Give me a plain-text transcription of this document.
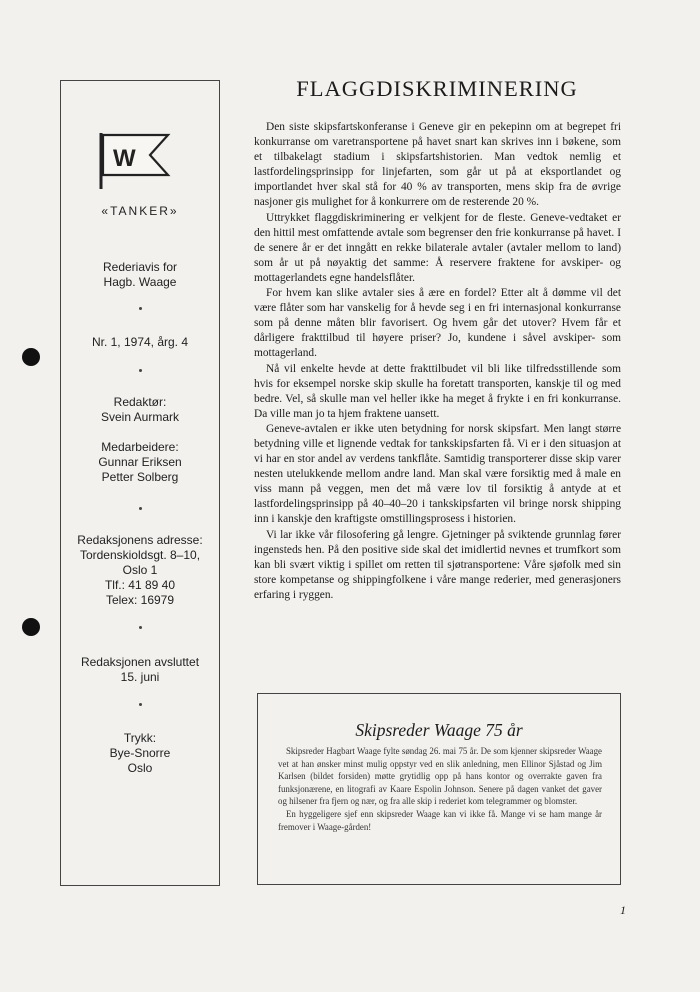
W
«TANKER»
Rederiavis for
Hagb. Waage
Nr. 1, 1974, årg. 4
Redaktør:
Svein Aurmark
Medarbeidere:
Gunnar Eriksen
Petter Solberg
Redaksjonens adresse:
Tordenskioldsgt. 8–10,
Oslo 1
Tlf.: 41 89 40
Telex: 16979
Redaksjonen avsluttet
15. juni
Trykk:
Bye-Snorre
Oslo
FLAGGDISKRIMINERING

Den siste skipsfartskonferanse i Geneve gir en pekepinn om at begrepet fri konkurranse om varetransportene på havet snart kan skrives inn i bøkene, som et tilbakelagt stadium i skipsfartshistorien. Man vedtok nemlig et lastfordelingsprinsipp for linjefarten, som går ut på at eksportlandet og importlandet hver skal stå for 40 % av transporten, mens skip fra de øvrige nasjoner gis mulighet for å konkurrere om de resterende 20 %.

Uttrykket flaggdiskriminering er velkjent for de fleste. Geneve-vedtaket er den hittil mest omfattende avtale som begrenser den frie konkurranse på havet. I de senere år er det inngått en rekke bilaterale avtaler (avtaler mellom to land) som år ut på nøyaktig det samme: Å reservere fraktene for avskiper- og mottagerlandets egne handelsflåter.

For hvem kan slike avtaler sies å ære en fordel? Etter alt å dømme vil det være flåter som har vanskelig for å hevde seg i en fri internasjonal konkurranse som på denne måten blir favorisert. Og hvem går det utover? Hvem får et dårligere frakttilbud til høyere priser? Jo, kundene i såvel avskiper- som mottagerland.

Nå vil enkelte hevde at dette frakttilbudet vil bli like tilfredsstillende som hvis for eksempel norske skip skulle ha foretatt transporten, kanskje til og med bedre. Vel, så skulle man vel heller ikke ha meget å frykte i en fri konkurranse. Da ville man jo ta hjem fraktene uansett.

Geneve-avtalen er ikke uten betydning for norsk skipsfart. Men langt større betydning ville et lignende vedtak for tankskipsfarten få. Vi er i den situasjon at vi har en stor andel av verdens tankflåte. Samtidig transporterer disse skip varer nesten utelukkende mellom andre land. Man skal være forsiktig med å male en viss mann på veggen, men det må være lov til forsiktig å antyde at et lastfordelingsprinsipp på 40–40–20 i tankskipsfarten vil bringe norsk shipping inn i kanskje den kraftigste omstillingsprosess i historien.

Vi lar ikke vår filosofering gå lengre. Gjetninger på sviktende grunnlag fører ingensteds hen. På den positive side skal det imidlertid nevnes et trumfkort som kan bli svært viktig i spillet om retten til sjøtransportene: Våre sjøfolk med sin store kompetanse og shippingfolkene i våre mange rederier, med generasjoners erfaring i ryggen.

Skipsreder Waage 75 år

Skipsreder Hagbart Waage fylte søndag 26. mai 75 år. De som kjenner skipsreder Waage vet at han ønsker minst mulig oppstyr ved en slik anledning, men Ellinor Sjåstad og Jim Karlsen (bildet forsiden) møtte grytidlig opp på hans kontor og overrakte gaven fra funksjonærene, en litografi av Kaare Espolin Johnson. Senere på dagen vanket det gaver og hilsener fra fjern og nær, og fra alle skip i rederiet kom telegrammer og blomster.

En hyggeligere sjef enn skipsreder Waage kan vi ikke få. Mange vi se ham mange år fremover i Waage-gården!

1
